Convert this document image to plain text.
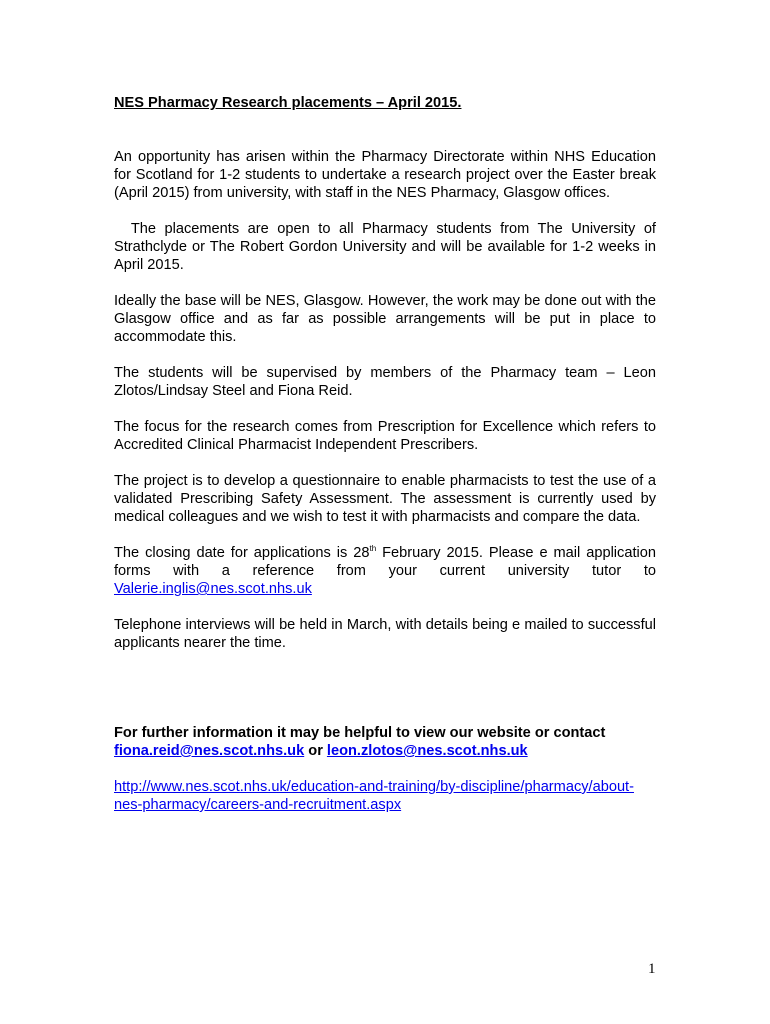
NES Pharmacy Research placements – April 2015.

An opportunity has arisen within the Pharmacy Directorate within NHS Education for Scotland for 1-2 students to undertake a research project over the Easter break (April 2015) from university, with staff in the NES Pharmacy, Glasgow offices.

The placements are open to all Pharmacy students from The University of Strathclyde or The Robert Gordon University and will be available for 1-2 weeks in April 2015.

Ideally the base will be NES, Glasgow. However, the work may be done out with the Glasgow office and as far as possible arrangements will be put in place to accommodate this.

The students will be supervised by members of the Pharmacy team – Leon Zlotos/Lindsay Steel and Fiona Reid.

The focus for the research comes from Prescription for Excellence which refers to Accredited Clinical Pharmacist Independent Prescribers.

The project is to develop a questionnaire to enable pharmacists to test the use of a validated Prescribing Safety Assessment. The assessment is currently used by medical colleagues and we wish to test it with pharmacists and compare the data.

The closing date for applications is 28th February 2015. Please e mail application forms with a reference from your current university tutor to Valerie.inglis@nes.scot.nhs.uk

Telephone interviews will be held in March, with details being e mailed to successful applicants nearer the time.

For further information it may be helpful to view our website or contact
fiona.reid@nes.scot.nhs.uk or leon.zlotos@nes.scot.nhs.uk

http://www.nes.scot.nhs.uk/education-and-training/by-discipline/pharmacy/about-
nes-pharmacy/careers-and-recruitment.aspx

1
